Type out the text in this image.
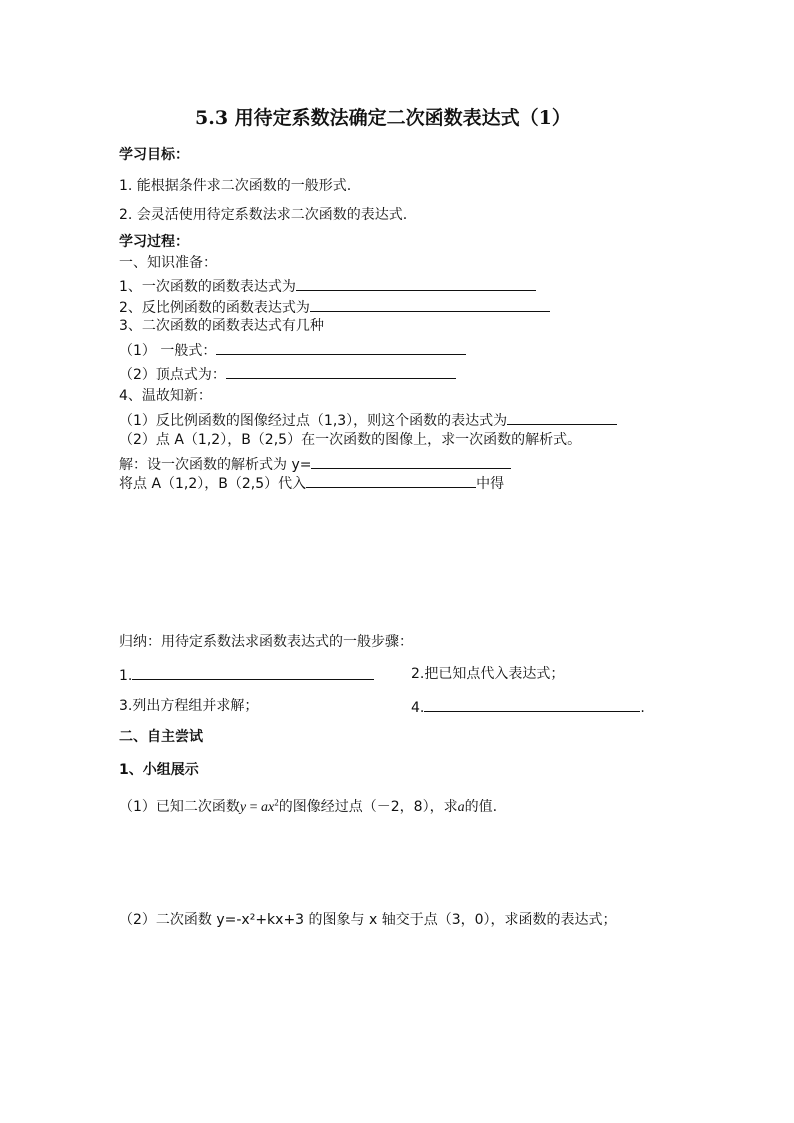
5.3 用待定系数法确定二次函数表达式（1）
学习目标：
1. 能根据条件求二次函数的一般形式.
2. 会灵活使用待定系数法求二次函数的表达式.
学习过程：
一、知识准备：
1、一次函数的函数表达式为
2、反比例函数的函数表达式为
3、二次函数的函数表达式有几种
（1） 一般式：
（2）顶点式为：
4、温故知新：
（1）反比例函数的图像经过点（1,3），则这个函数的表达式为
（2）点 A（1,2），B（2,5）在一次函数的图像上，求一次函数的解析式。
解：设一次函数的解析式为 y=
将点 A（1,2），B（2,5）代入	中得
归纳：用待定系数法求函数表达式的一般步骤：
1.	2.把已知点代入表达式；
3.列出方程组并求解；	4.	.
二、自主尝试
1、小组展示
（1）已知二次函数$y = ax^2$的图像经过点（－2，8），求a的值.
（2）二次函数 y=-x²+kx+3 的图象与 x 轴交于点（3，0），求函数的表达式；
